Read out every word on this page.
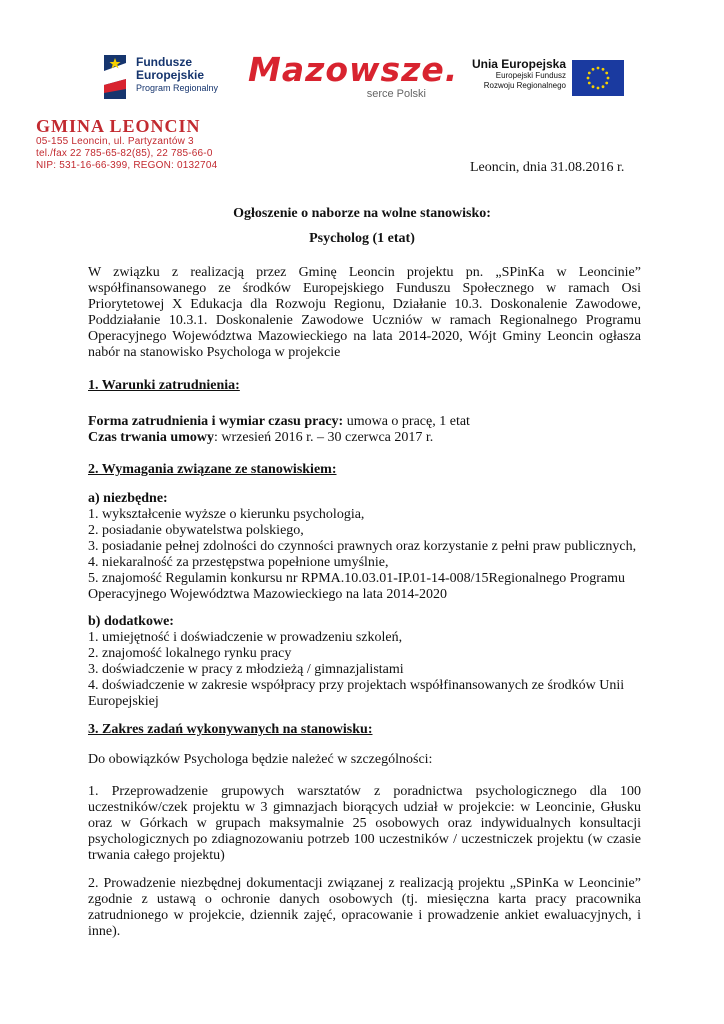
Fundusze
Europejskie
Program Regionalny Mazowsze.
serce Polski
Unia Europejska
Europejski Fundusz
Rozwoju Regionalnego
GMINA LEONCIN
05-155 Leoncin, ul. Partyzantów 3
tel./fax 22 785-65-82(85), 22 785-66-0
NIP: 531-16-66-399, REGON: 0132704	Leoncin, dnia 31.08.2016 r.
Ogłoszenie o naborze na wolne stanowisko:
Psycholog (1 etat)
W związku z realizacją przez Gminę Leoncin projektu pn. „SPinKa w Leoncinie” współfinansowanego ze środków Europejskiego Funduszu Społecznego w ramach Osi Priorytetowej X Edukacja dla Rozwoju Regionu, Działanie 10.3. Doskonalenie Zawodowe, Poddziałanie 10.3.1. Doskonalenie Zawodowe Uczniów w ramach Regionalnego Programu Operacyjnego Województwa Mazowieckiego na lata 2014-2020, Wójt Gminy Leoncin ogłasza nabór na stanowisko Psychologa w projekcie
1. Warunki zatrudnienia:
Forma zatrudnienia i wymiar czasu pracy: umowa o pracę, 1 etat
Czas trwania umowy: wrzesień 2016 r. – 30 czerwca 2017 r.
2. Wymagania związane ze stanowiskiem:
a) niezbędne:
1. wykształcenie wyższe o kierunku psychologia,
2. posiadanie obywatelstwa polskiego,
3. posiadanie pełnej zdolności do czynności prawnych oraz korzystanie z pełni praw publicznych,
4. niekaralność za przestępstwa popełnione umyślnie,
5. znajomość Regulamin konkursu nr RPMA.10.03.01-IP.01-14-008/15Regionalnego Programu
Operacyjnego Województwa Mazowieckiego na lata 2014-2020
b) dodatkowe:
1. umiejętność i doświadczenie w prowadzeniu szkoleń,
2. znajomość lokalnego rynku pracy
3. doświadczenie w pracy z młodzieżą / gimnazjalistami
4. doświadczenie w zakresie współpracy przy projektach współfinansowanych ze środków Unii
Europejskiej
3. Zakres zadań wykonywanych na stanowisku:
Do obowiązków Psychologa będzie należeć w szczególności:
1. Przeprowadzenie grupowych warsztatów z poradnictwa psychologicznego dla 100 uczestników/czek projektu w 3 gimnazjach biorących udział w projekcie: w Leoncinie, Głusku oraz w Górkach w grupach maksymalnie 25 osobowych oraz indywidualnych konsultacji psychologicznych po zdiagnozowaniu potrzeb 100 uczestników / uczestniczek projektu (w czasie trwania całego projektu)
2. Prowadzenie niezbędnej dokumentacji związanej z realizacją projektu „SPinKa w Leoncinie” zgodnie z ustawą o ochronie danych osobowych (tj. miesięczna karta pracy pracownika zatrudnionego w projekcie, dziennik zajęć, opracowanie i prowadzenie ankiet ewaluacyjnych, i inne).
